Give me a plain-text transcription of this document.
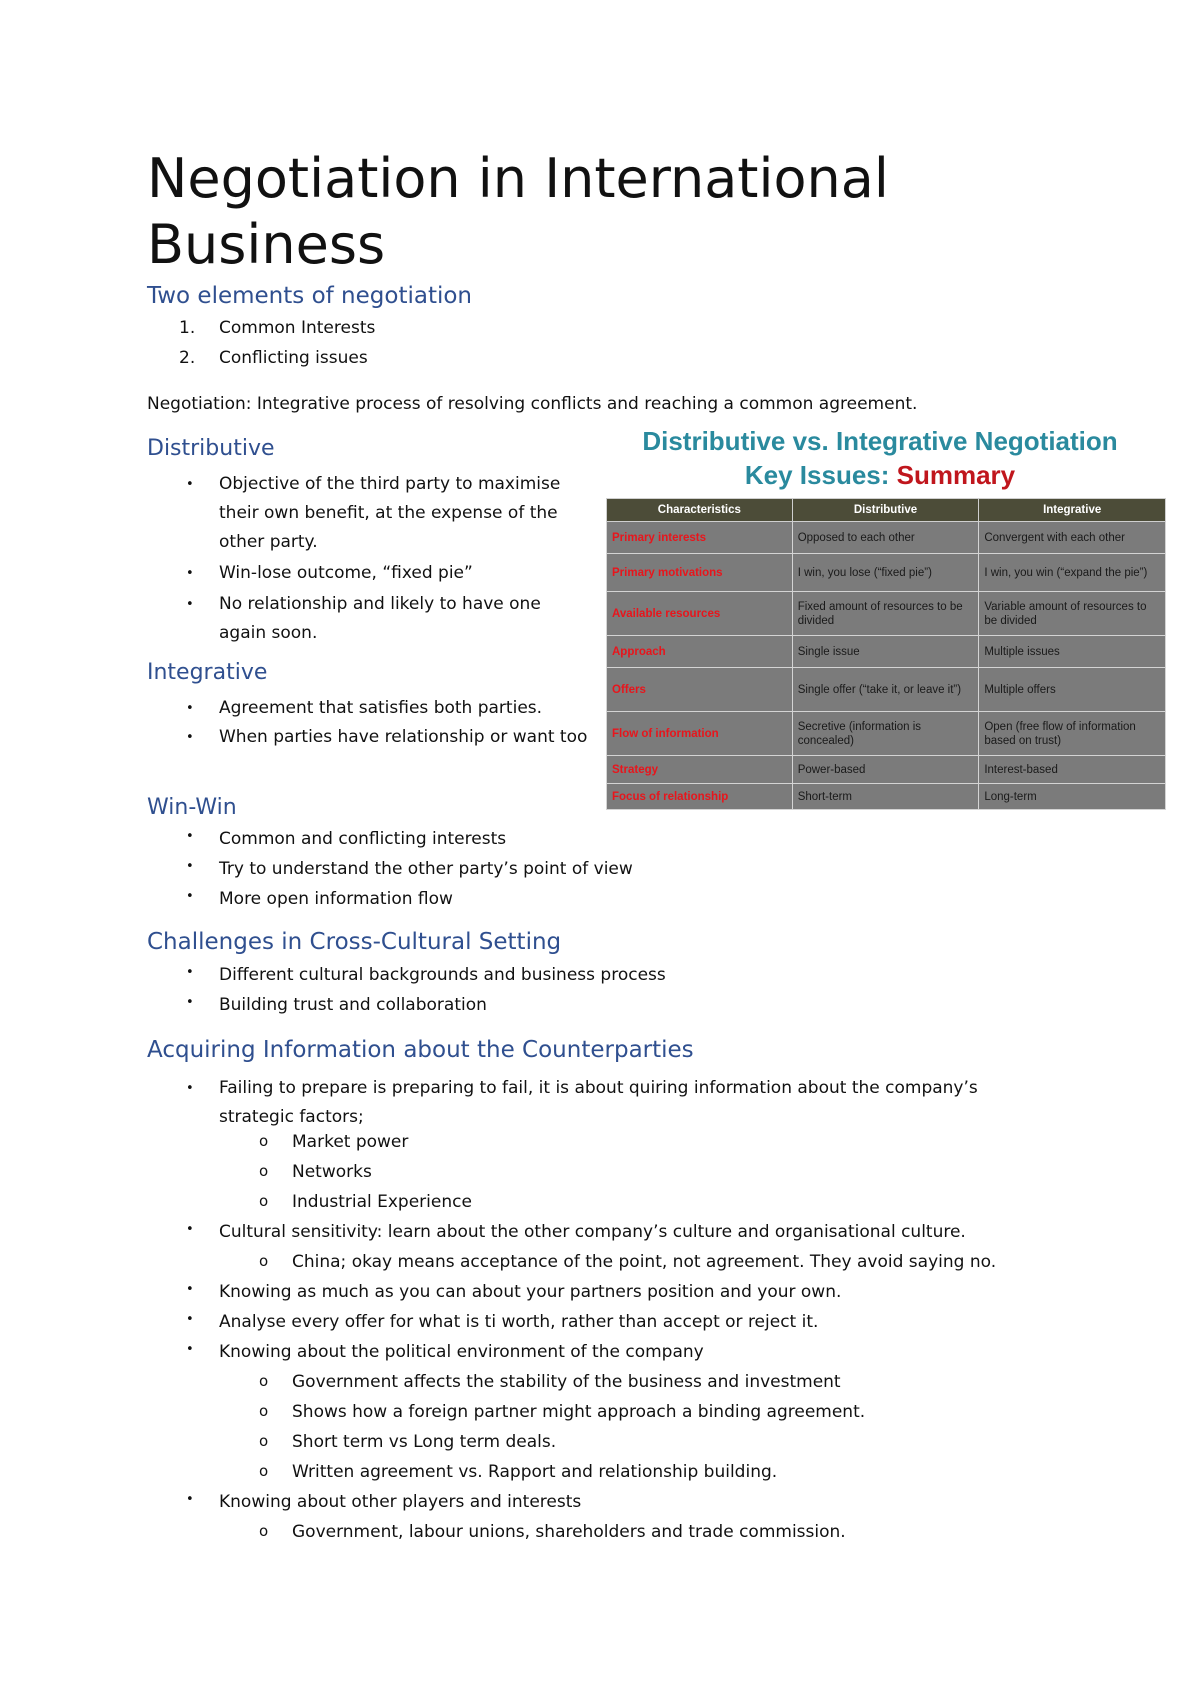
Negotiation in International Business
Two elements of negotiation
1. Common Interests
2. Conflicting issues

Negotiation: Integrative process of resolving conflicts and reaching a common agreement.

Distributive
• Objective of the third party to maximise their own benefit, at the expense of the other party.
• Win-lose outcome, “fixed pie”
• No relationship and likely to have one again soon.
Integrative
• Agreement that satisfies both parties.
• When parties have relationship or want too
Win-Win
• Common and conflicting interests
• Try to understand the other party’s point of view
• More open information flow
Challenges in Cross-Cultural Setting
• Different cultural backgrounds and business process
• Building trust and collaboration
Acquiring Information about the Counterparties
• Failing to prepare is preparing to fail, it is about quiring information about the company’s strategic factors;
o Market power
o Networks
o Industrial Experience
• Cultural sensitivity: learn about the other company’s culture and organisational culture.
o China; okay means acceptance of the point, not agreement. They avoid saying no.
• Knowing as much as you can about your partners position and your own.
• Analyse every offer for what is ti worth, rather than accept or reject it.
• Knowing about the political environment of the company
o Government affects the stability of the business and investment
o Shows how a foreign partner might approach a binding agreement.
o Short term vs Long term deals.
o Written agreement vs. Rapport and relationship building.
• Knowing about other players and interests
o Government, labour unions, shareholders and trade commission.

Distributive vs. Integrative Negotiation
Key Issues: Summary

Characteristics	Distributive	Integrative
Primary interests	Opposed to each other	Convergent with each other
Primary motivations	I win, you lose (“fixed pie”)	I win, you win (“expand the pie”)
Available resources	Fixed amount of resources to be divided	Variable amount of resources to be divided
Approach	Single issue	Multiple issues
Offers	Single offer (“take it, or leave it”)	Multiple offers
Flow of information	Secretive (information is concealed)	Open (free flow of information based on trust)
Strategy	Power-based	Interest-based
Focus of relationship	Short-term	Long-term
